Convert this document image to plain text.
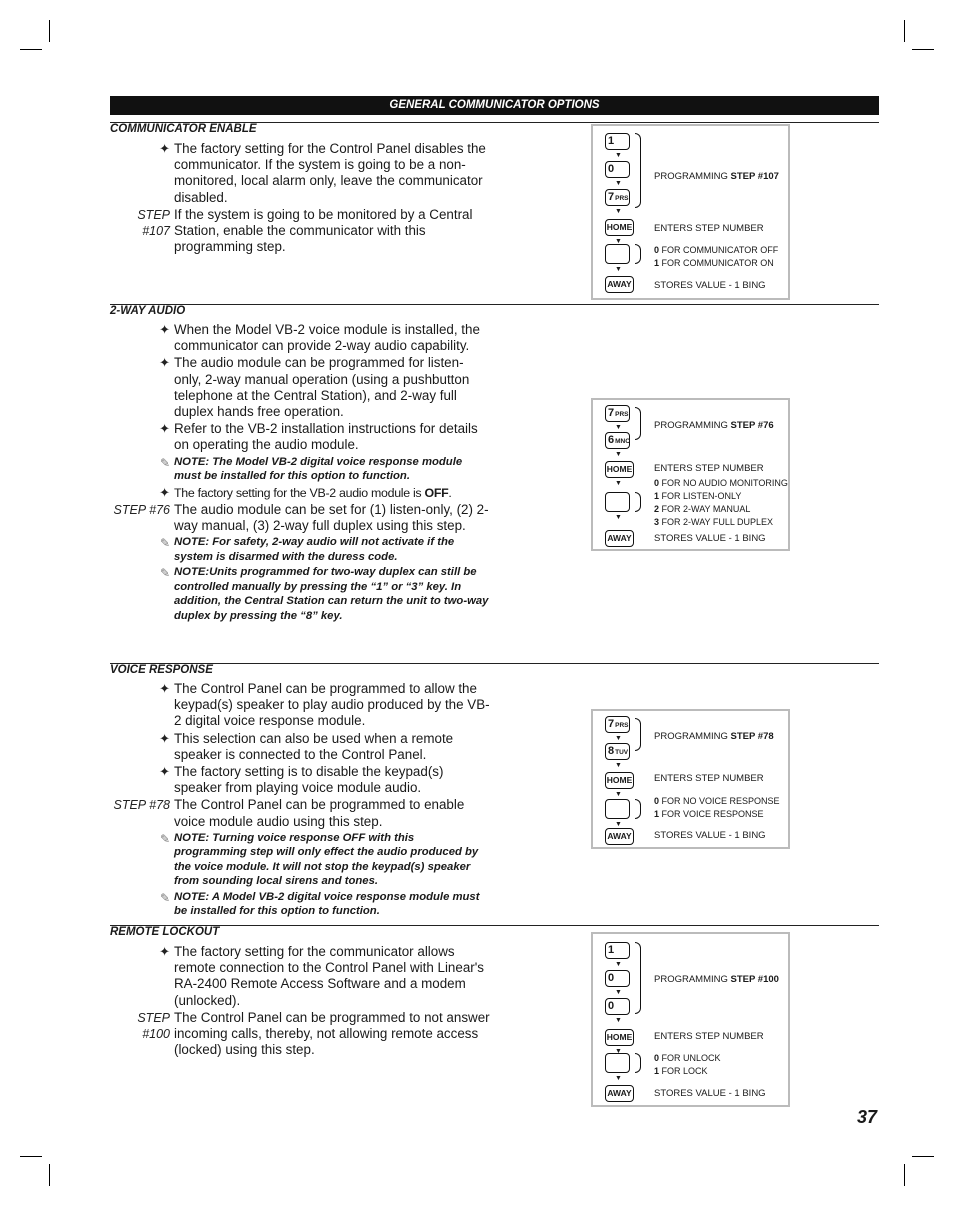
GENERAL COMMUNICATOR OPTIONS
COMMUNICATOR ENABLE
✦ The factory setting for the Control Panel disables the communicator. If the system is going to be a non-monitored, local alarm only, leave the communicator disabled.
STEP #107
If the system is going to be monitored by a Central Station, enable the communicator with this programming step.
2-WAY AUDIO
✦ When the Model VB-2 voice module is installed, the communicator can provide 2-way audio capability.
✦ The audio module can be programmed for listen-only, 2-way manual operation (using a pushbutton telephone at the Central Station), and 2-way full duplex hands free operation.
✦ Refer to the VB-2 installation instructions for details on operating the audio module.
✎ NOTE: The Model VB-2 digital voice response module must be installed for this option to function.
✦ The factory setting for the VB-2 audio module is OFF.
STEP #76 The audio module can be set for (1) listen-only, (2) 2-way manual, (3) 2-way full duplex using this step.
✎ NOTE: For safety, 2-way audio will not activate if the system is disarmed with the duress code.
✎ NOTE:Units programmed for two-way duplex can still be controlled manually by pressing the “1” or “3” key. In addition, the Central Station can return the unit to two-way duplex by pressing the “8” key.
VOICE RESPONSE
✦ The Control Panel can be programmed to allow the keypad(s) speaker to play audio produced by the VB-2 digital voice response module.
✦ This selection can also be used when a remote speaker is connected to the Control Panel.
✦ The factory setting is to disable the keypad(s) speaker from playing voice module audio.
STEP #78 The Control Panel can be programmed to enable voice module audio using this step.
✎ NOTE: Turning voice response OFF with this programming step will only effect the audio produced by the voice module. It will not stop the keypad(s) speaker from sounding local sirens and tones.
✎ NOTE: A Model VB-2 digital voice response module must be installed for this option to function.
REMOTE LOCKOUT
✦ The factory setting for the communicator allows remote connection to the Control Panel with Linear's RA-2400 Remote Access Software and a modem (unlocked).
STEP #100
The Control Panel can be programmed to not answer incoming calls, thereby, not allowing remote access (locked) using this step.
1
▼
0
▼
7PRS
▼
PROGRAMMING STEP #107
HOME
▼
▼
AWAY
ENTERS STEP NUMBER
0 FOR COMMUNICATOR OFF
1 FOR COMMUNICATOR ON
STORES VALUE - 1 BING
7PRS
▼
6MNO
▼
PROGRAMMING STEP #76
HOME
▼
▼
AWAY
ENTERS STEP NUMBER
0 FOR NO AUDIO MONITORING
1 FOR LISTEN-ONLY
2 FOR 2-WAY MANUAL
3 FOR 2-WAY FULL DUPLEX
STORES VALUE - 1 BING
7PRS
▼
8TUV
▼
PROGRAMMING STEP #78
HOME
▼
▼
AWAY
ENTERS STEP NUMBER
0 FOR NO VOICE RESPONSE
1 FOR VOICE RESPONSE
STORES VALUE - 1 BING
1
▼
0
▼
0
▼
PROGRAMMING STEP #100
HOME
▼
▼
AWAY
ENTERS STEP NUMBER
0 FOR UNLOCK
1 FOR LOCK
STORES VALUE - 1 BING
37
